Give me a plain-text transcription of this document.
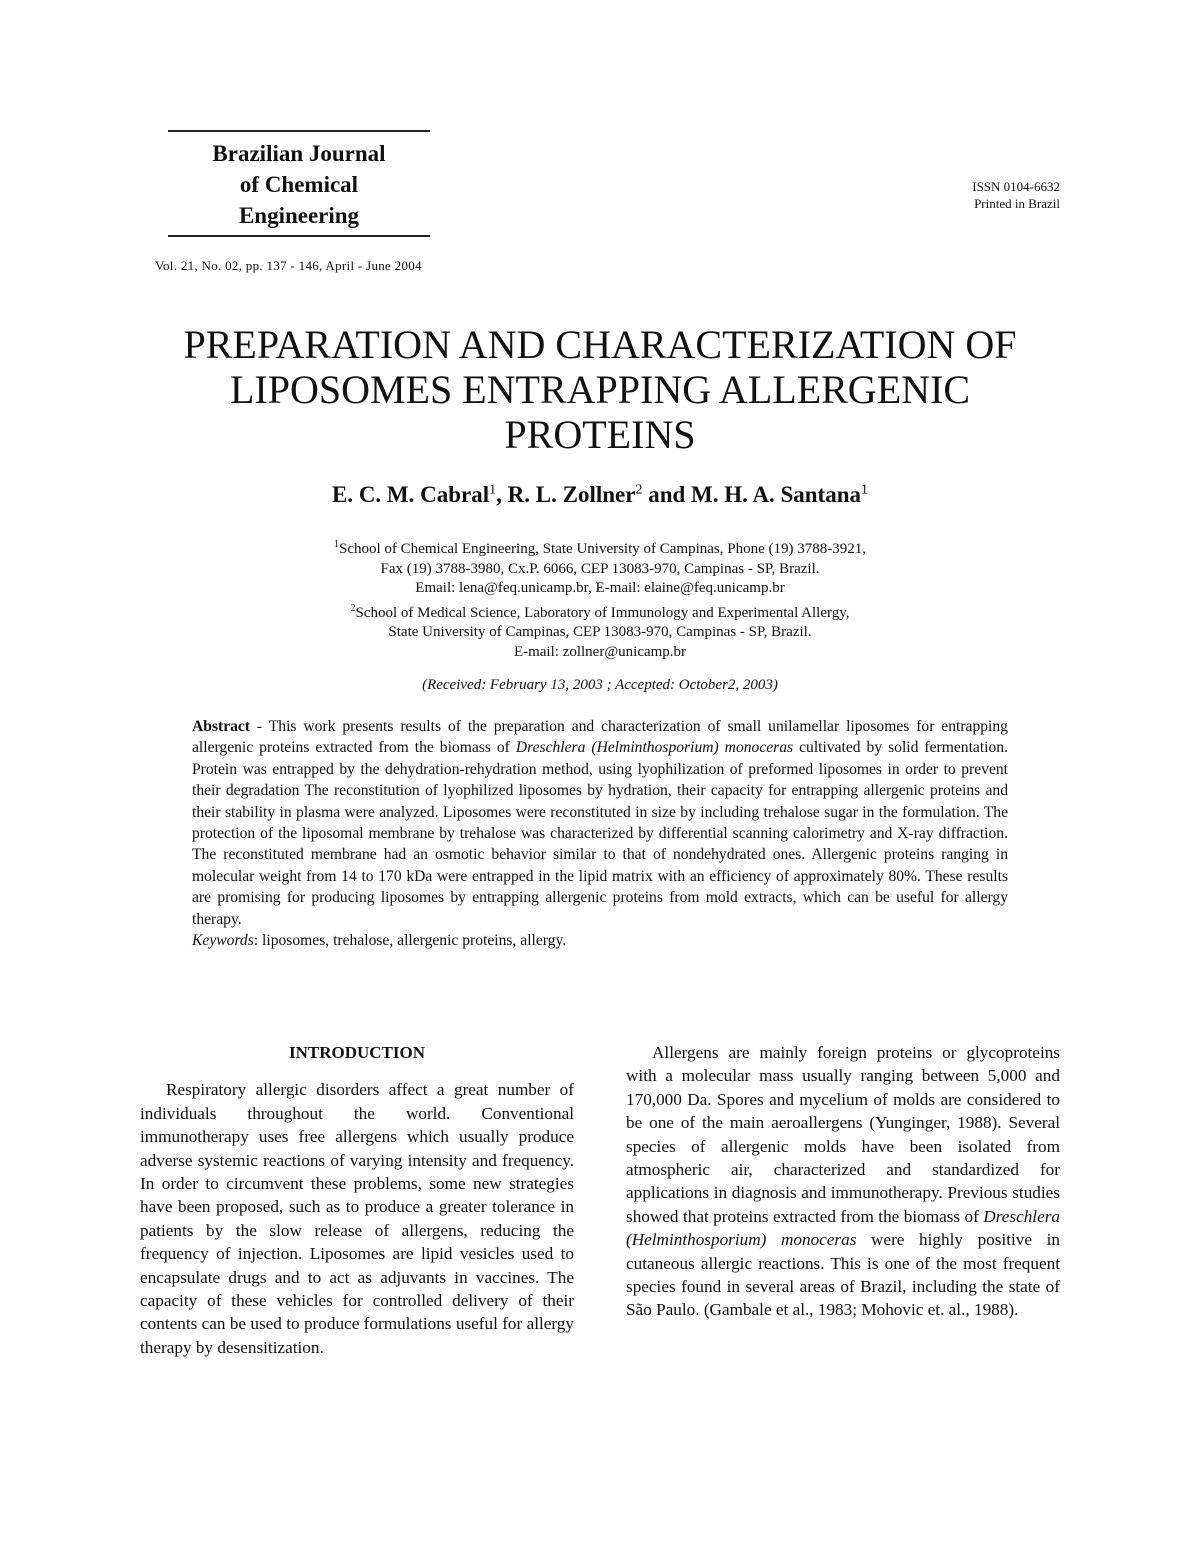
Brazilian Journal
of Chemical
Engineering
ISSN 0104-6632
Printed in Brazil
Vol. 21, No. 02, pp. 137 - 146, April - June 2004
PREPARATION AND CHARACTERIZATION OF
LIPOSOMES ENTRAPPING ALLERGENIC
PROTEINS
E. C. M. Cabral$^1$, R. L. Zollner$^2$ and M. H. A. Santana$^1$
$^1$School of Chemical Engineering, State University of Campinas, Phone (19) 3788-3921,
Fax (19) 3788-3980, Cx.P. 6066, CEP 13083-970, Campinas - SP, Brazil.
Email: lena@feq.unicamp.br, E-mail: elaine@feq.unicamp.br
$^2$School of Medical Science, Laboratory of Immunology and Experimental Allergy,
State University of Campinas, CEP 13083-970, Campinas - SP, Brazil.
E-mail: zollner@unicamp.br
(Received: February 13, 2003 ; Accepted: October2, 2003)

Abstract - This work presents results of the preparation and characterization of small unilamellar liposomes for entrapping allergenic proteins extracted from the biomass of Dreschlera (Helminthosporium) monoceras cultivated by solid fermentation. Protein was entrapped by the dehydration-rehydration method, using lyophilization of preformed liposomes in order to prevent their degradation The reconstitution of lyophilized liposomes by hydration, their capacity for entrapping allergenic proteins and their stability in plasma were analyzed. Liposomes were reconstituted in size by including trehalose sugar in the formulation. The protection of the liposomal membrane by trehalose was characterized by differential scanning calorimetry and X-ray diffraction. The reconstituted membrane had an osmotic behavior similar to that of nondehydrated ones. Allergenic proteins ranging in molecular weight from 14 to 170 kDa were entrapped in the lipid matrix with an efficiency of approximately 80%. These results are promising for producing liposomes by entrapping allergenic proteins from mold extracts, which can be useful for allergy therapy.

Keywords: liposomes, trehalose, allergenic proteins, allergy.

INTRODUCTION

Respiratory allergic disorders affect a great number of individuals throughout the world. Conventional immunotherapy uses free allergens which usually produce adverse systemic reactions of varying intensity and frequency. In order to circumvent these problems, some new strategies have been proposed, such as to produce a greater tolerance in patients by the slow release of allergens, reducing the frequency of injection. Liposomes are lipid vesicles used to encapsulate drugs and to act as adjuvants in vaccines. The capacity of these vehicles for controlled delivery of their contents can be used to produce formulations useful for allergy therapy by desensitization.

Allergens are mainly foreign proteins or glycoproteins with a molecular mass usually ranging between 5,000 and 170,000 Da. Spores and mycelium of molds are considered to be one of the main aeroallergens (Yunginger, 1988). Several species of allergenic molds have been isolated from atmospheric air, characterized and standardized for applications in diagnosis and immunotherapy. Previous studies showed that proteins extracted from the biomass of Dreschlera (Helminthosporium) monoceras were highly positive in cutaneous allergic reactions. This is one of the most frequent species found in several areas of Brazil, including the state of São Paulo. (Gambale et al., 1983; Mohovic et. al., 1988).
